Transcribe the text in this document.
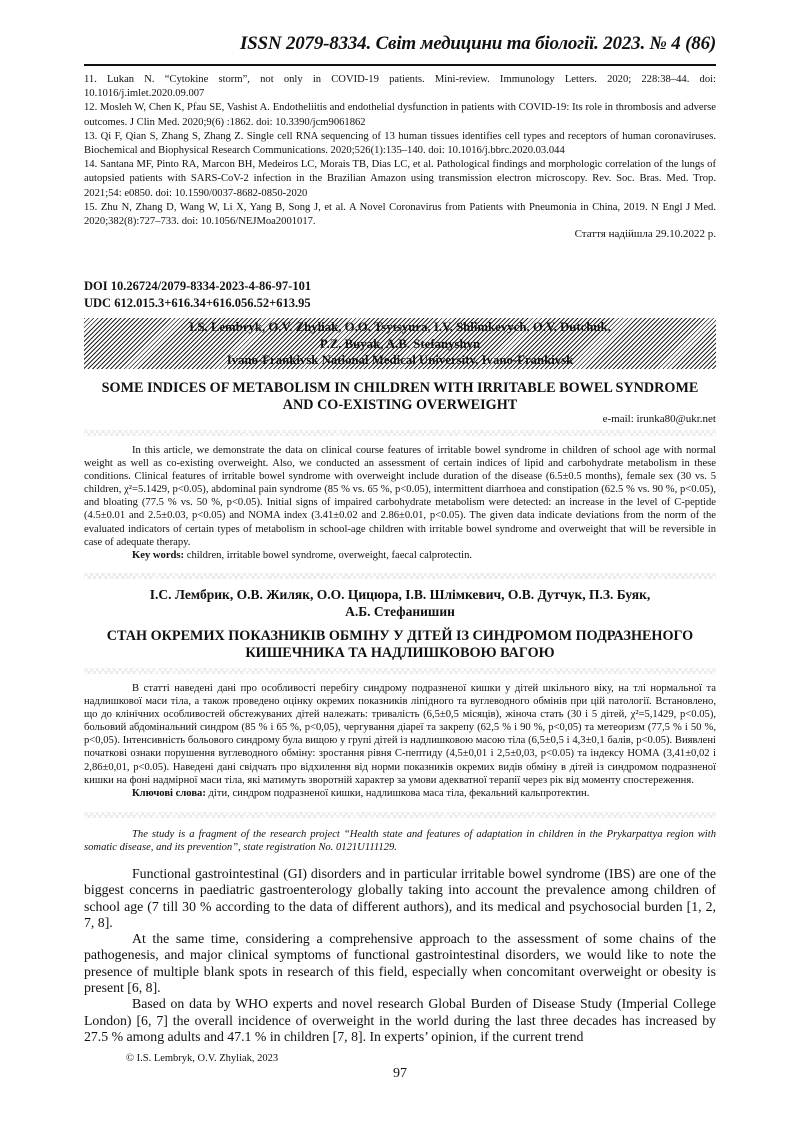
ISSN 2079-8334. Світ медицини та біології. 2023. № 4 (86)

11. Lukan N. “Cytokine storm”, not only in COVID-19 patients. Mini-review. Immunology Letters. 2020; 228:38–44. doi: 10.1016/j.imlet.2020.09.007

12. Mosleh W, Chen K, Pfau SE, Vashist A. Endotheliitis and endothelial dysfunction in patients with COVID-19: Its role in thrombosis and adverse outcomes. J Clin Med. 2020;9(6) :1862. doi: 10.3390/jcm9061862

13. Qi F, Qian S, Zhang S, Zhang Z. Single cell RNA sequencing of 13 human tissues identifies cell types and receptors of human coronaviruses. Biochemical and Biophysical Research Communications. 2020;526(1):135–140. doi: 10.1016/j.bbrc.2020.03.044

14. Santana MF, Pinto RA, Marcon BH, Medeiros LC, Morais TB, Dias LC, et al. Pathological findings and morphologic correlation of the lungs of autopsied patients with SARS-CoV-2 infection in the Brazilian Amazon using transmission electron microscopy. Rev. Soc. Bras. Med. Trop. 2021;54: e0850. doi: 10.1590/0037-8682-0850-2020

15. Zhu N, Zhang D, Wang W, Li X, Yang B, Song J, et al. A Novel Coronavirus from Patients with Pneumonia in China, 2019. N Engl J Med. 2020;382(8):727–733. doi: 10.1056/NEJMoa2001017.

Стаття надійшла 29.10.2022 р.
DOI 10.26724/2079-8334-2023-4-86-97-101
UDC 612.015.3+616.34+616.056.52+613.95
I.S. Lembryk, O.V. Zhyliak, O.O. Tsytsyura, I.V. Shlimkevych, O.V. Dutchuk,
P.Z. Buyak, A.B. Stefanyshyn
Ivano-Frankivsk National Medical University, Ivano-Frankivsk
SOME INDICES OF METABOLISM IN CHILDREN WITH IRRITABLE BOWEL SYNDROME
AND CO-EXISTING OVERWEIGHT
e-mail: irunka80@ukr.net

In this article, we demonstrate the data on clinical course features of irritable bowel syndrome in children of school age with normal weight as well as co-existing overweight. Also, we conducted an assessment of certain indices of lipid and carbohydrate metabolism in these conditions. Clinical features of irritable bowel syndrome with overweight include duration of the disease (6.5±0.5 months), female sex (30 vs. 5 children, χ²=5.1429, p<0.05), abdominal pain syndrome (85 % vs. 65 %, p<0.05), intermittent diarrhoea and constipation (62.5 % vs. 90 %, p<0.05), and bloating (77.5 % vs. 50 %, p<0.05). Initial signs of impaired carbohydrate metabolism were detected: an increase in the level of C-peptide (4.5±0.01 and 2.5±0.03, p<0.05) and NOMA index (3.41±0.02 and 2.86±0.01, p<0.05). The given data indicate deviations from the norm of the evaluated indicators of certain types of metabolism in school-age children with irritable bowel syndrome and overweight that will be reversible in case of adequate therapy.

Key words: children, irritable bowel syndrome, overweight, faecal calprotectin.

І.С. Лембрик, О.В. Жиляк, О.О. Цицюра, І.В. Шлімкевич, О.В. Дутчук, П.З. Буяк,
А.Б. Стефанишин
СТАН ОКРЕМИХ ПОКАЗНИКІВ ОБМІНУ У ДІТЕЙ ІЗ СИНДРОМОМ ПОДРАЗНЕНОГО
КИШЕЧНИКА ТА НАДЛИШКОВОЮ ВАГОЮ

В статті наведені дані про особливості перебігу синдрому подразненої кишки у дітей шкільного віку, на тлі нормальної та надлишкової маси тіла, а також проведено оцінку окремих показників ліпідного та вуглеводного обмінів при цій патології. Встановлено, що до клінічних особливостей обстежуваних дітей належать: тривалість (6,5±0,5 місяців), жіноча стать (30 і 5 дітей, χ²=5,1429, p<0.05), больовий абдомінальний синдром (85 % і 65 %, p<0,05), чергування діареї та закрепу (62,5 % і 90 %, p<0,05) та метеоризм (77,5 % і 50 %, p<0,05). Інтенсивність больового синдрому була вищою у групі дітей із надлишковою масою тіла (6,5±0,5 і 4,3±0,1 балів, p<0.05). Виявлені початкові ознаки порушення вуглеводного обміну: зростання рівня С-пептиду (4,5±0,01 і 2,5±0,03, p<0.05) та індексу НОМА (3,41±0,02 і 2,86±0,01, p<0.05). Наведені дані свідчать про відхилення від норми показників окремих видів обміну в дітей із синдромом подразненої кишки на фоні надмірної маси тіла, які матимуть зворотній характер за умови адекватної терапії через рік від моменту спостереження.

Ключові слова: діти, синдром подразненої кишки, надлишкова маса тіла, фекальний кальпротектин.

The study is a fragment of the research project “Health state and features of adaptation in children in the Prykarpattya region with somatic disease, and its prevention”, state registration No. 0121U111129.

Functional gastrointestinal (GI) disorders and in particular irritable bowel syndrome (IBS) are one of the biggest concerns in paediatric gastroenterology globally taking into account the prevalence among children of school age (7 till 30 % according to the data of different authors), and its medical and psychosocial burden [1, 2, 7, 8].

At the same time, considering a comprehensive approach to the assessment of some chains of the pathogenesis, and major clinical symptoms of functional gastrointestinal disorders, we would like to note the presence of multiple blank spots in research of this field, especially when concomitant overweight or obesity is present [6, 8].

Based on data by WHO experts and novel research Global Burden of Disease Study (Imperial College London) [6, 7] the overall incidence of overweight in the world during the last three decades has increased by 27.5 % among adults and 47.1 % in children [7, 8]. In experts’ opinion, if the current trend

© I.S. Lembryk, O.V. Zhyliak, 2023
97
